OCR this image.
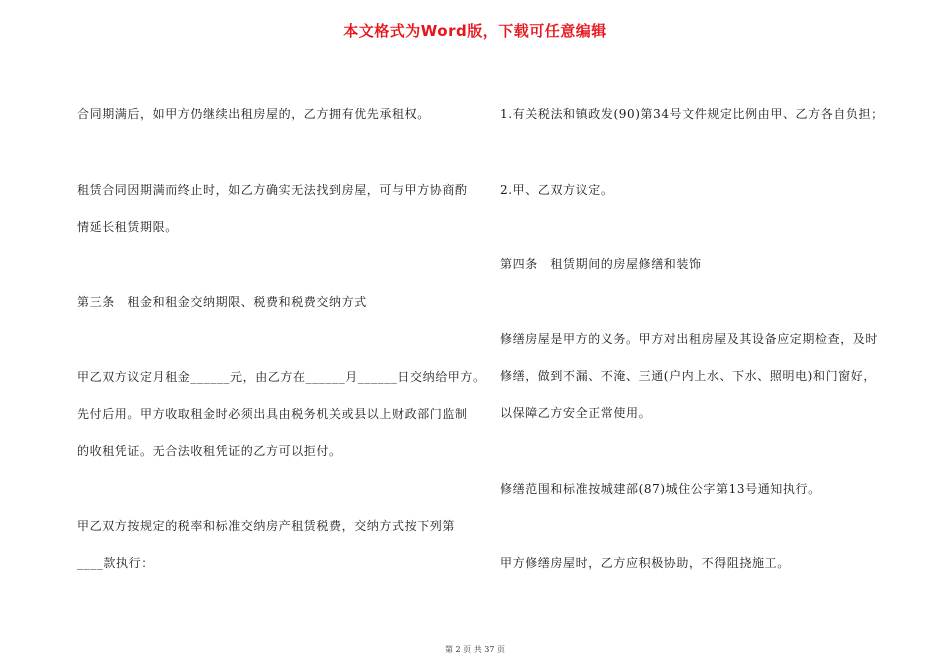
本文格式为Word版，下载可任意编辑
合同期满后，如甲方仍继续出租房屋的，乙方拥有优先承租权。
租赁合同因期满而终止时，如乙方确实无法找到房屋，可与甲方协商酌
情延长租赁期限。
第三条　租金和租金交纳期限、税费和税费交纳方式
甲乙双方议定月租金______元，由乙方在______月______日交纳给甲方。
先付后用。甲方收取租金时必须出具由税务机关或县以上财政部门监制
的收租凭证。无合法收租凭证的乙方可以拒付。
甲乙双方按规定的税率和标准交纳房产租赁税费，交纳方式按下列第
____款执行：
1.有关税法和镇政发(90)第34号文件规定比例由甲、乙方各自负担；
2.甲、乙双方议定。
第四条　租赁期间的房屋修缮和装饰
修缮房屋是甲方的义务。甲方对出租房屋及其设备应定期检查，及时
修缮，做到不漏、不淹、三通(户内上水、下水、照明电)和门窗好，
以保障乙方安全正常使用。
修缮范围和标准按城建部(87)城住公字第13号通知执行。
甲方修缮房屋时，乙方应积极协助，不得阻挠施工。
第 2 页 共 37 页
